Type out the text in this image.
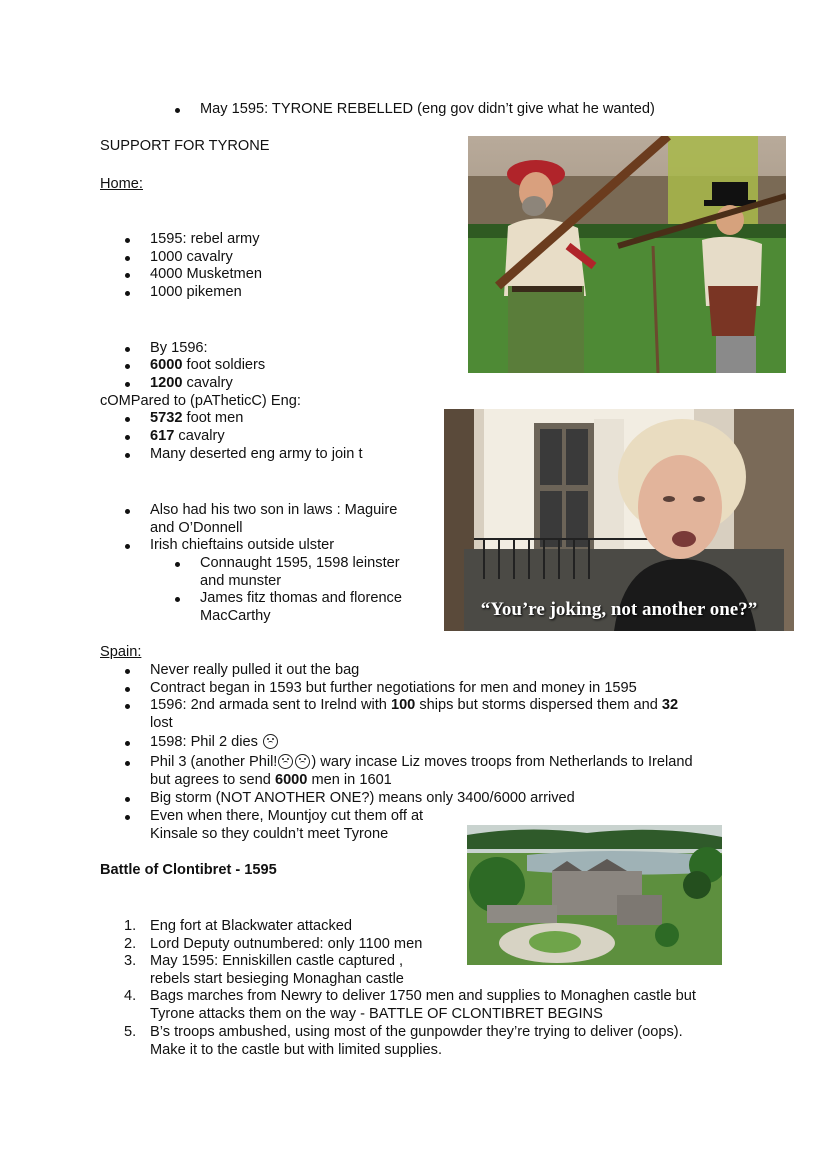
May 1595: TYRONE REBELLED (eng gov didn’t give what he wanted)
SUPPORT FOR TYRONE
Home:
1595: rebel army
1000 cavalry
4000 Musketmen
1000 pikemen
By 1596:
6000 foot soldiers
1200 cavalry
cOMPared to (pATheticC) Eng:
5732 foot men
617 cavalry
Many deserted eng army to join t
Also had his two son in laws : Maguire and O’Donnell
Irish chieftains outside ulster
Connaught 1595, 1598 leinster and munster
James fitz thomas and florence MacCarthy
Spain:
Never really pulled it out the bag
Contract began in 1593 but further negotiations for men and money in 1595
1596: 2nd armada sent to Irelnd with 100 ships but storms dispersed them and 32
lost
1598: Phil 2 dies
Phil 3 (another Phil! ) wary incase Liz moves troops from Netherlands to Ireland
but agrees to send 6000 men in 1601
Big storm (NOT ANOTHER ONE?) means only 3400/6000 arrived
Even when there, Mountjoy cut them off at
Kinsale so they couldn’t meet Tyrone
Battle of Clontibret - 1595
1. Eng fort at Blackwater attacked
2. Lord Deputy outnumbered: only 1100 men
3. May 1595: Enniskillen castle captured ,
rebels start besieging Monaghan castle
4. Bags marches from Newry to deliver 1750 men and supplies to Monaghen castle but
Tyrone attacks them on the way - BATTLE OF CLONTIBRET BEGINS
5. B’s troops ambushed, using most of the gunpowder they’re trying to deliver (oops).
Make it to the castle but with limited supplies.
“You’re joking, not another one?”
